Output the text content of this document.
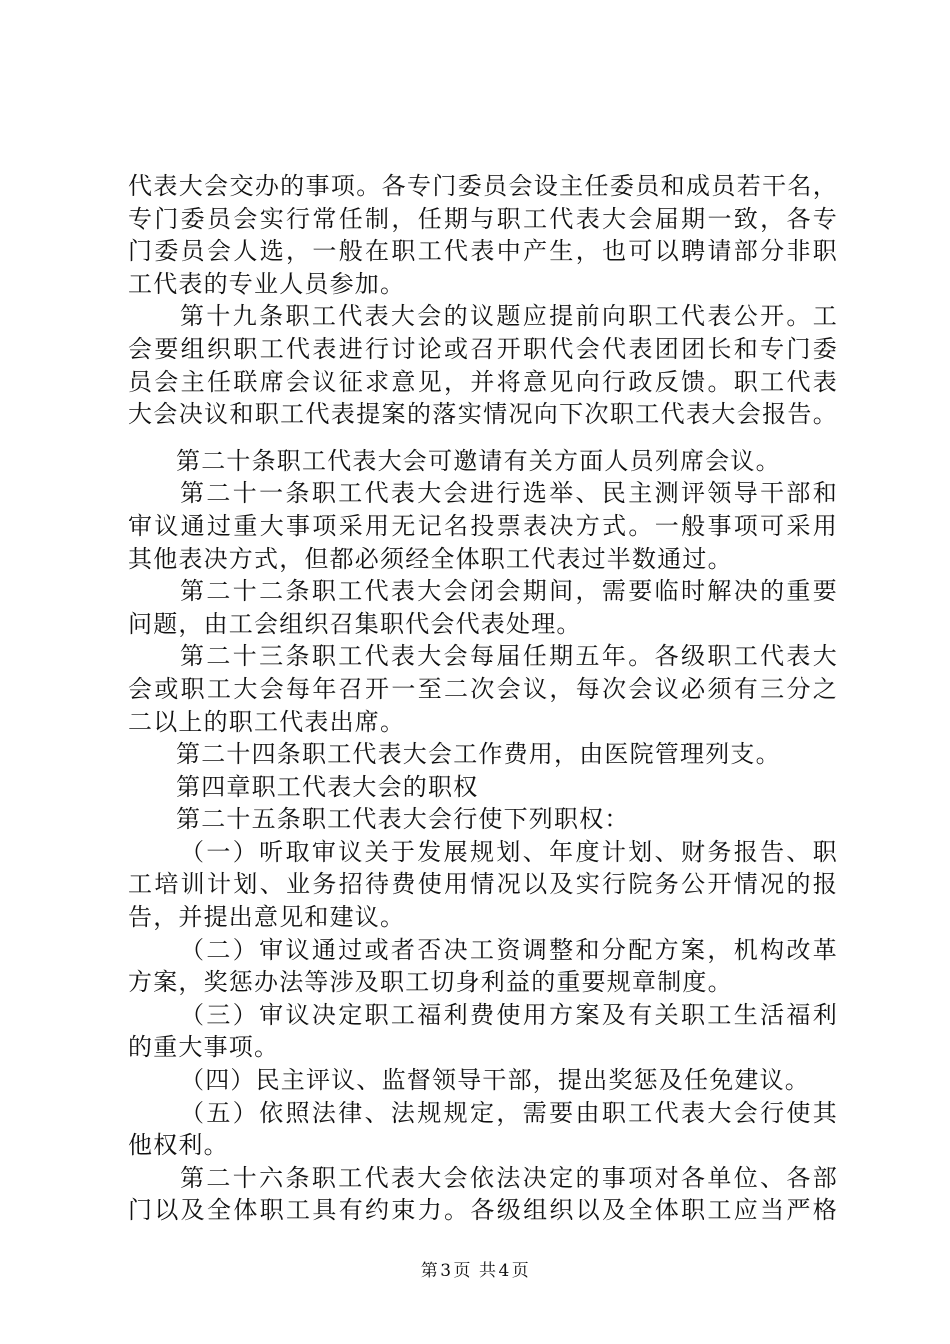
代表大会交办的事项。各专门委员会设主任委员和成员若干名，
专门委员会实行常任制，任期与职工代表大会届期一致，各专
门委员会人选，一般在职工代表中产生，也可以聘请部分非职
工代表的专业人员参加。
第十九条职工代表大会的议题应提前向职工代表公开。工
会要组织职工代表进行讨论或召开职代会代表团团长和专门委
员会主任联席会议征求意见，并将意见向行政反馈。职工代表
大会决议和职工代表提案的落实情况向下次职工代表大会报告。
第二十条职工代表大会可邀请有关方面人员列席会议。
第二十一条职工代表大会进行选举、民主测评领导干部和
审议通过重大事项采用无记名投票表决方式。一般事项可采用
其他表决方式，但都必须经全体职工代表过半数通过。
第二十二条职工代表大会闭会期间，需要临时解决的重要
问题，由工会组织召集职代会代表处理。
第二十三条职工代表大会每届任期五年。各级职工代表大
会或职工大会每年召开一至二次会议，每次会议必须有三分之
二以上的职工代表出席。
第二十四条职工代表大会工作费用，由医院管理列支。
第四章职工代表大会的职权
第二十五条职工代表大会行使下列职权：
（一）听取审议关于发展规划、年度计划、财务报告、职
工培训计划、业务招待费使用情况以及实行院务公开情况的报
告，并提出意见和建议。
（二）审议通过或者否决工资调整和分配方案，机构改革
方案，奖惩办法等涉及职工切身利益的重要规章制度。
（三）审议决定职工福利费使用方案及有关职工生活福利
的重大事项。
（四）民主评议、监督领导干部，提出奖惩及任免建议。
（五）依照法律、法规规定，需要由职工代表大会行使其
他权利。
第二十六条职工代表大会依法决定的事项对各单位、各部
门以及全体职工具有约束力。各级组织以及全体职工应当严格
第 3 页 共 4 页
